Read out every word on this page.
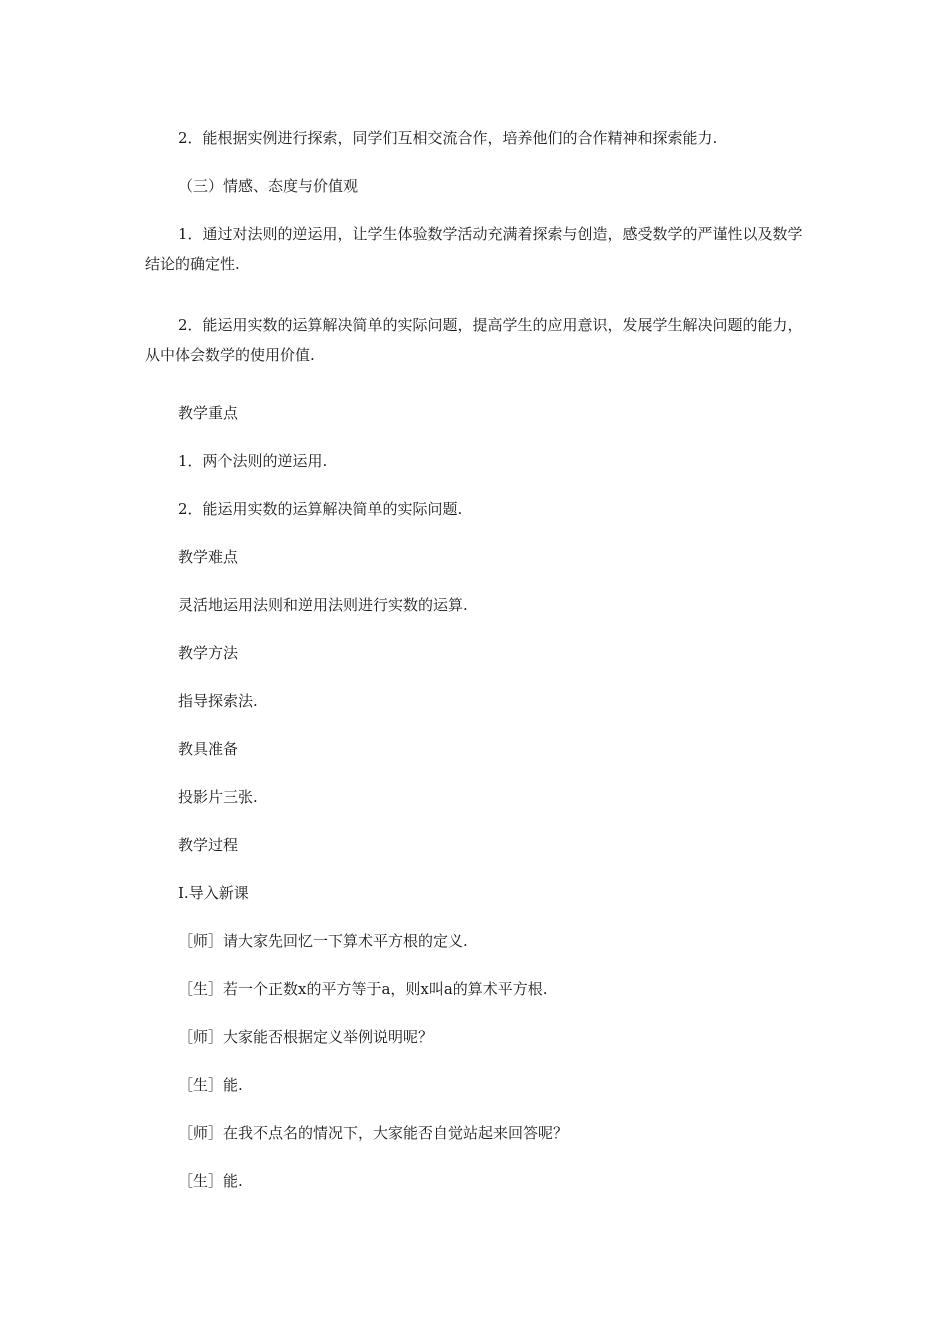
2．能根据实例进行探索，同学们互相交流合作，培养他们的合作精神和探索能力.
（三）情感、态度与价值观
1．通过对法则的逆运用，让学生体验数学活动充满着探索与创造，感受数学的严谨性以及数学结论的确定性.
2．能运用实数的运算解决简单的实际问题，提高学生的应用意识，发展学生解决问题的能力，从中体会数学的使用价值.
教学重点
1．两个法则的逆运用.
2．能运用实数的运算解决简单的实际问题.
教学难点
灵活地运用法则和逆用法则进行实数的运算.
教学方法
指导探索法.
教具准备
投影片三张.
教学过程
Ⅰ.导入新课
［师］请大家先回忆一下算术平方根的定义.
［生］若一个正数x的平方等于a，则x叫a的算术平方根.
［师］大家能否根据定义举例说明呢？
［生］能.
［师］在我不点名的情况下，大家能否自觉站起来回答呢？
［生］能.
